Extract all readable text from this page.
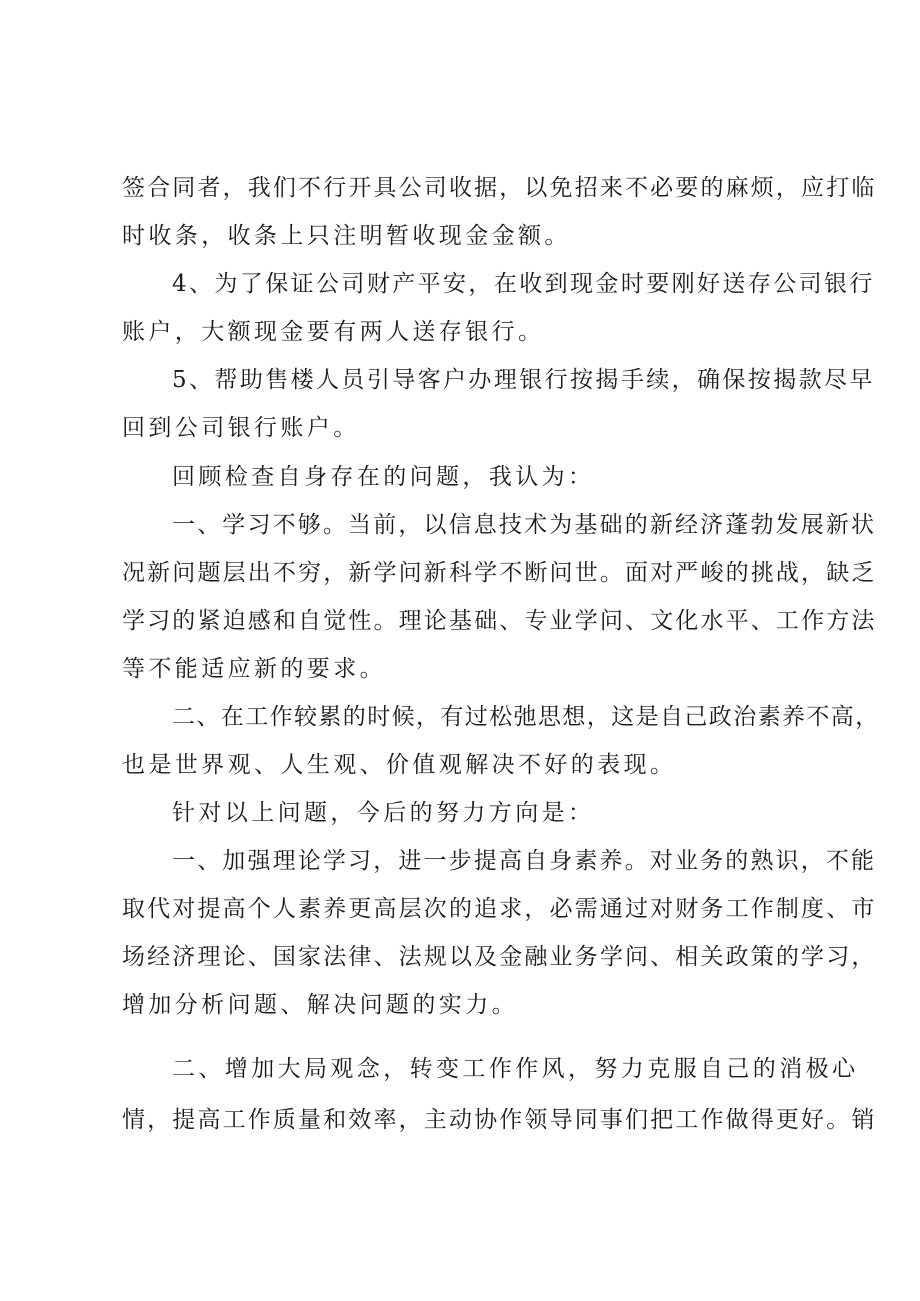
签合同者，我们不行开具公司收据，以免招来不必要的麻烦，应打临
时收条，收条上只注明暂收现金金额。
4、为了保证公司财产平安，在收到现金时要刚好送存公司银行
账户，大额现金要有两人送存银行。
5、帮助售楼人员引导客户办理银行按揭手续，确保按揭款尽早
回到公司银行账户。
回顾检查自身存在的问题，我认为：
一、学习不够。当前，以信息技术为基础的新经济蓬勃发展新状
况新问题层出不穷，新学问新科学不断问世。面对严峻的挑战，缺乏
学习的紧迫感和自觉性。理论基础、专业学问、文化水平、工作方法
等不能适应新的要求。
二、在工作较累的时候，有过松弛思想，这是自己政治素养不高，
也是世界观、人生观、价值观解决不好的表现。
针对以上问题，今后的努力方向是：
一、加强理论学习，进一步提高自身素养。对业务的熟识，不能
取代对提高个人素养更高层次的追求，必需通过对财务工作制度、市
场经济理论、国家法律、法规以及金融业务学问、相关政策的学习，
增加分析问题、解决问题的实力。
二、增加大局观念，转变工作作风，努力克服自己的消极心
情，提高工作质量和效率，主动协作领导同事们把工作做得更好。销
